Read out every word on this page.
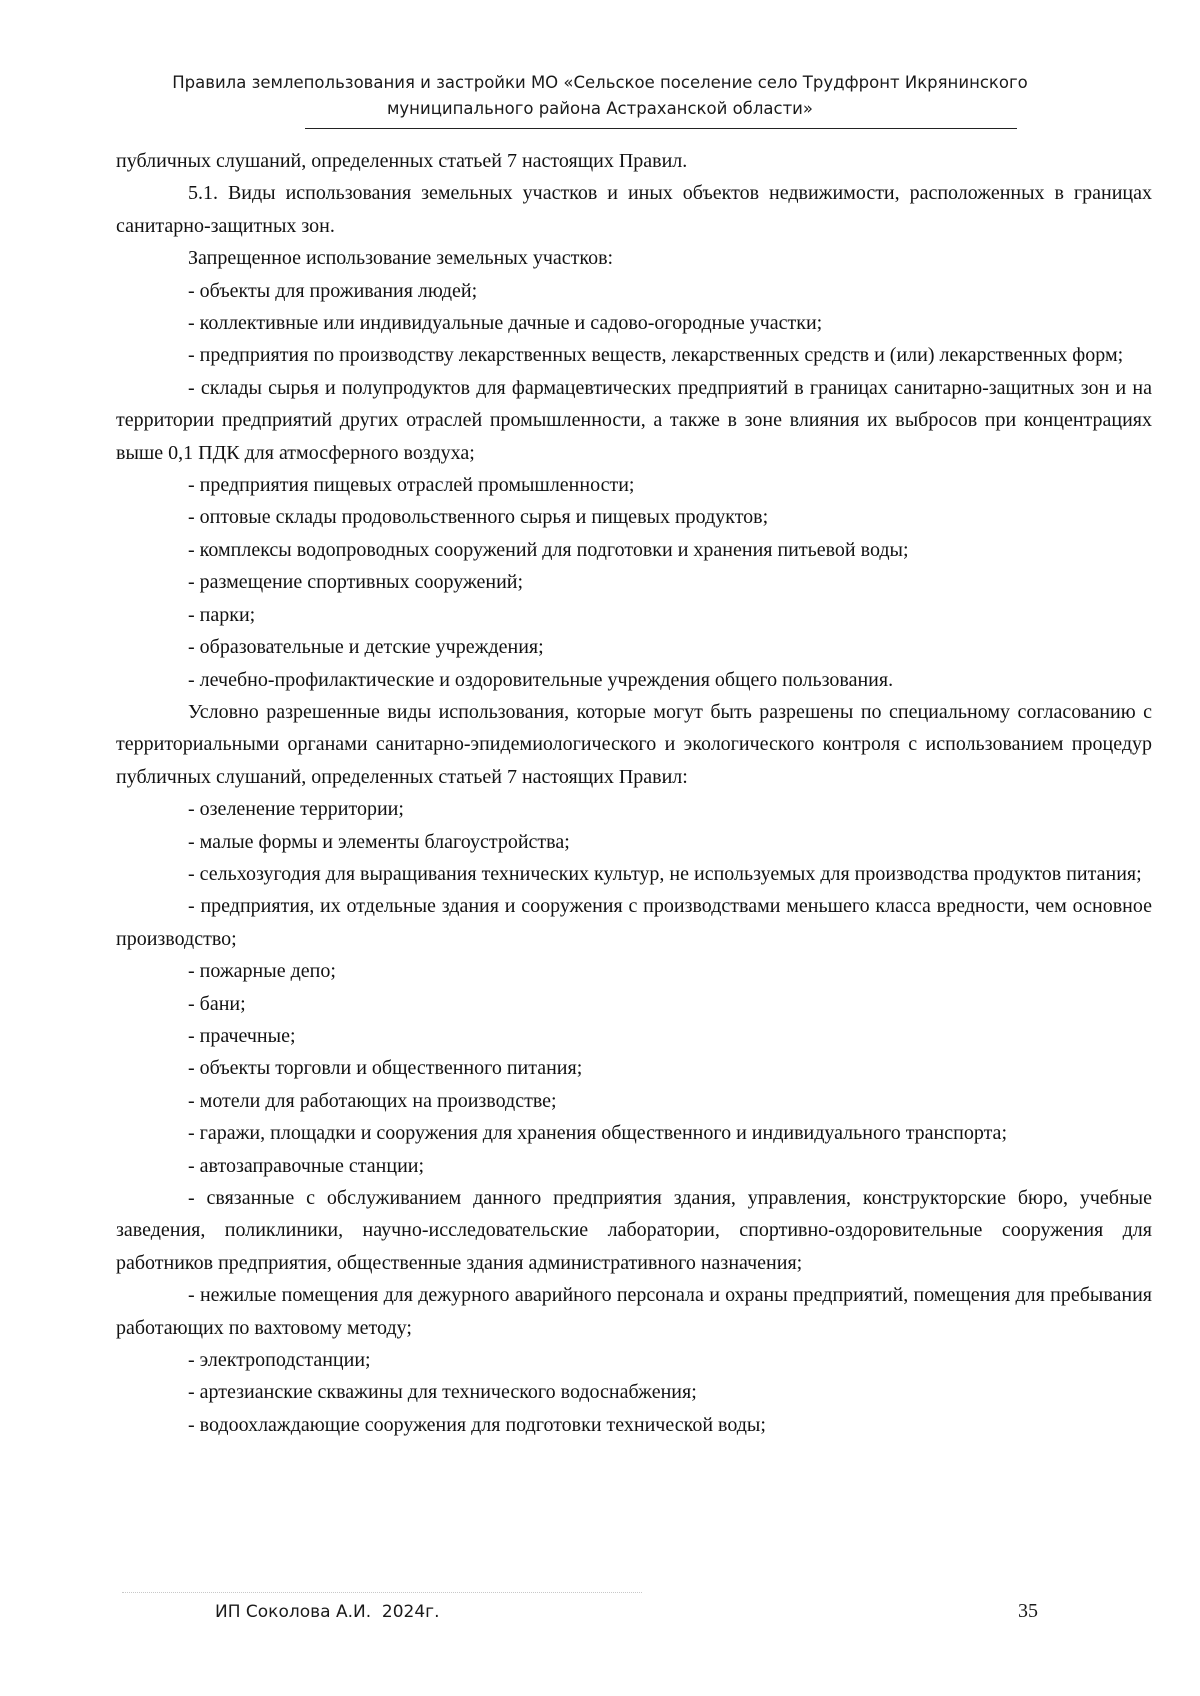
Правила землепользования и застройки МО «Сельское поселение село Трудфронт Икрянинского
муниципального района Астраханской области»

публичных слушаний, определенных статьей 7 настоящих Правил.

5.1. Виды использования земельных участков и иных объектов недвижимости, расположенных в границах санитарно-защитных зон.

Запрещенное использование земельных участков:

- объекты для проживания людей;

- коллективные или индивидуальные дачные и садово-огородные участки;

- предприятия по производству лекарственных веществ, лекарственных средств и (или) лекарственных форм;

- склады сырья и полупродуктов для фармацевтических предприятий в границах санитарно-защитных зон и на территории предприятий других отраслей промышленности, а также в зоне влияния их выбросов при концентрациях выше 0,1 ПДК для атмосферного воздуха;

- предприятия пищевых отраслей промышленности;

- оптовые склады продовольственного сырья и пищевых продуктов;

- комплексы водопроводных сооружений для подготовки и хранения питьевой воды;

- размещение спортивных сооружений;

- парки;

- образовательные и детские учреждения;

- лечебно-профилактические и оздоровительные учреждения общего пользования.

Условно разрешенные виды использования, которые могут быть разрешены по специальному согласованию с территориальными органами санитарно-эпидемиологического и экологического контроля с использованием процедур публичных слушаний, определенных статьей 7 настоящих Правил:

- озеленение территории;

- малые формы и элементы благоустройства;

- сельхозугодия для выращивания технических культур, не используемых для производства продуктов питания;

- предприятия, их отдельные здания и сооружения с производствами меньшего класса вредности, чем основное производство;

- пожарные депо;

- бани;

- прачечные;

- объекты торговли и общественного питания;

- мотели для работающих на производстве;

- гаражи, площадки и сооружения для хранения общественного и индивидуального транспорта;

- автозаправочные станции;

- связанные с обслуживанием данного предприятия здания, управления, конструкторские бюро, учебные заведения, поликлиники, научно-исследовательские лаборатории, спортивно-оздоровительные сооружения для работников предприятия, общественные здания административного назначения;

- нежилые помещения для дежурного аварийного персонала и охраны предприятий, помещения для пребывания работающих по вахтовому методу;

- электроподстанции;

- артезианские скважины для технического водоснабжения;

- водоохлаждающие сооружения для подготовки технической воды;

ИП Соколова А.И.  2024г.	35
